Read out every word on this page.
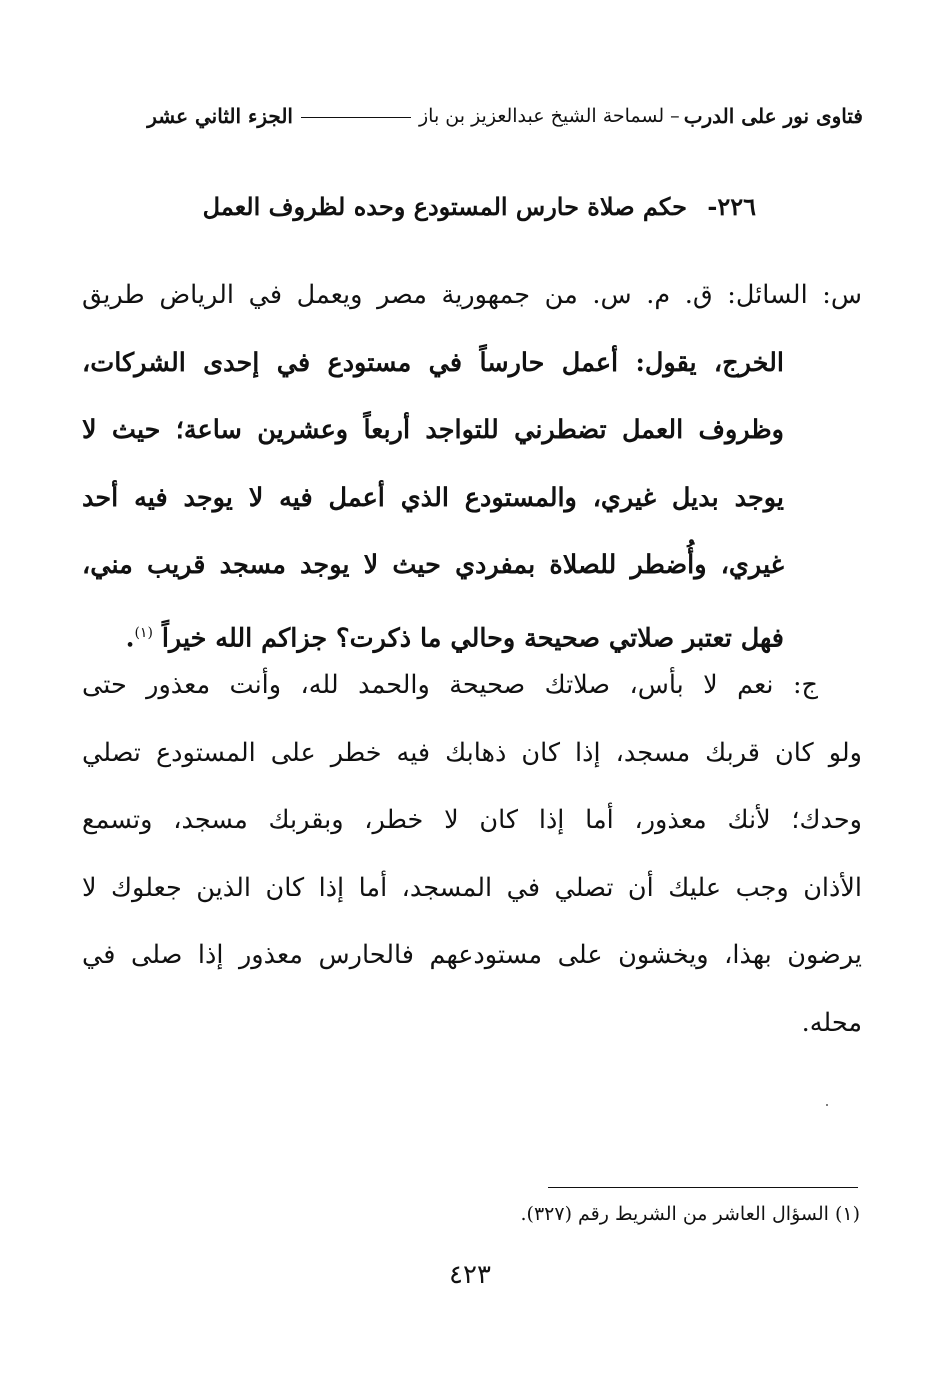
فتاوى نور على الدرب
– لسماحة الشيخ عبدالعزيز بن باز
الجزء الثاني عشر
٢٢٦- حكم صلاة حارس المستودع وحده لظروف العمل
س: السائل: ق. م. س. من جمهورية مصر ويعمل في الرياض طريق
الخرج، يقول: أعمل حارساً في مستودع في إحدى الشركات،
وظروف العمل تضطرني للتواجد أربعاً وعشرين ساعة؛ حيث لا
يوجد بديل غيري، والمستودع الذي أعمل فيه لا يوجد فيه أحد
غيري، وأُضطر للصلاة بمفردي حيث لا يوجد مسجد قريب مني،
فهل تعتبر صلاتي صحيحة وحالي ما ذكرت؟ جزاكم الله خيراً $^{(١)}$.
ج: نعم لا بأس، صلاتك صحيحة والحمد لله، وأنت معذور حتى
ولو كان قربك مسجد، إذا كان ذهابك فيه خطر على المستودع تصلي
وحدك؛ لأنك معذور، أما إذا كان لا خطر، وبقربك مسجد، وتسمع
الأذان وجب عليك أن تصلي في المسجد، أما إذا كان الذين جعلوك لا
يرضون بهذا، ويخشون على مستودعهم فالحارس معذور إذا صلى في
محله.
(١) السؤال العاشر من الشريط رقم (٣٢٧).
٤٢٣
